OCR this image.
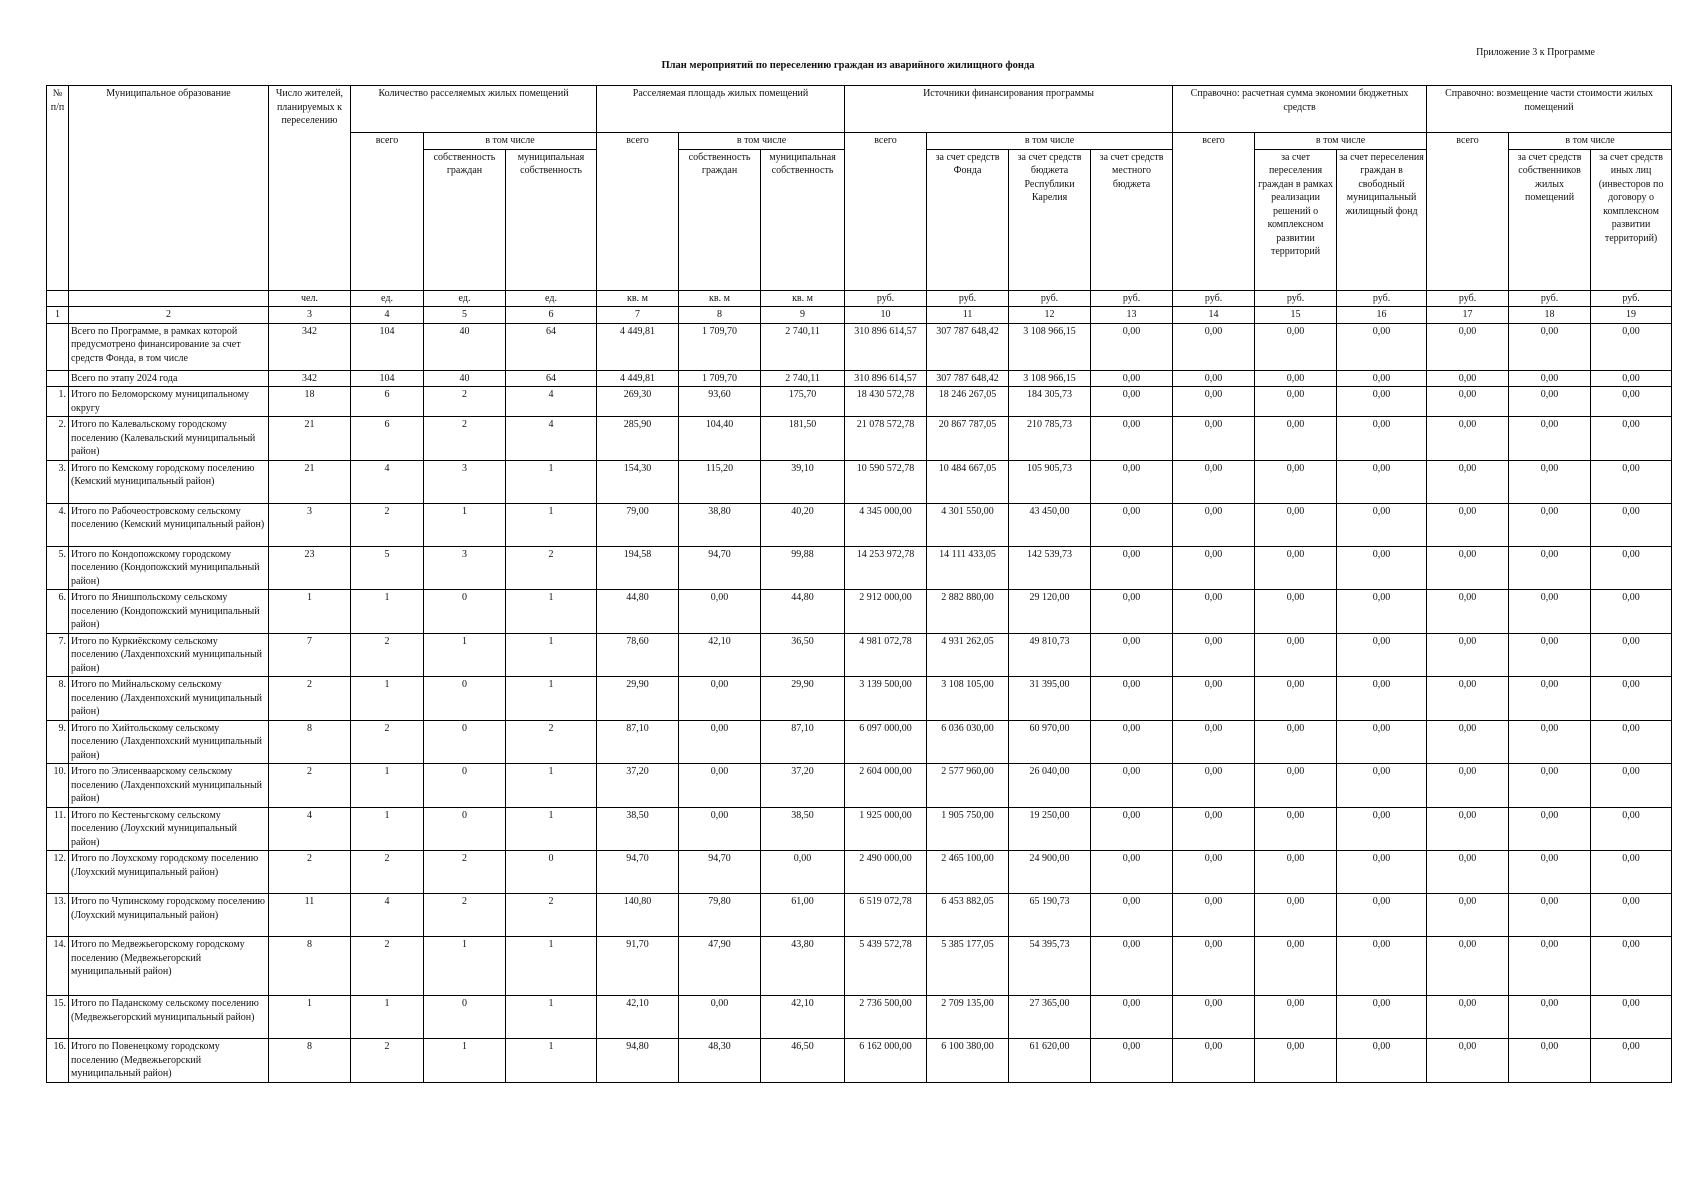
Приложение 3 к Программе
План мероприятий по переселению граждан из аварийного жилищного фонда
№ п/п	Муниципальное образование	Число жителей, планируемых к переселению	Количество расселяемых жилых помещений			Расселяемая площадь жилых помещений			Источники финансирования программы				Справочно: расчетная сумма экономии бюджетных средств			Справочно: возмещение части стоимости жилых помещений		
			всего	в том числе		всего	в том числе		всего	в том числе			всего	в том числе		всего	в том числе	
				собственность граждан	муниципальная собственность		собственность граждан	муниципальная собственность		за счет средств Фонда	за счет средств бюджета Республики Карелия	за счет средств местного бюджета		за счет переселения граждан в рамках реализации решений о комплексном развитии территорий	за счет переселения граждан в свободный муниципальный жилищный фонд		за счет средств собственников жилых помещений	за счет средств иных лиц (инвесторов по договору о комплексном развитии территорий)
		чел.	ед.	ед.	ед.	кв. м	кв. м	кв. м	руб.	руб.	руб.	руб.	руб.	руб.	руб.	руб.	руб.	руб.
1	2	3	4	5	6	7	8	9	10	11	12	13	14	15	16	17	18	19
	Всего по Программе, в рамках которой предусмотрено финансирование за счет средств Фонда, в том числе	342	104	40	64	4 449,81	1 709,70	2 740,11	310 896 614,57	307 787 648,42	3 108 966,15	0,00	0,00	0,00	0,00	0,00	0,00	0,00
	Всего по этапу 2024 года	342	104	40	64	4 449,81	1 709,70	2 740,11	310 896 614,57	307 787 648,42	3 108 966,15	0,00	0,00	0,00	0,00	0,00	0,00	0,00
1.	Итого по Беломорскому муниципальному округу	18	6	2	4	269,30	93,60	175,70	18 430 572,78	18 246 267,05	184 305,73	0,00	0,00	0,00	0,00	0,00	0,00	0,00
2.	Итого по Калевальскому городскому поселению (Калевальский муниципальный район)	21	6	2	4	285,90	104,40	181,50	21 078 572,78	20 867 787,05	210 785,73	0,00	0,00	0,00	0,00	0,00	0,00	0,00
3.	Итого по Кемскому городскому поселению (Кемский муниципальный район)	21	4	3	1	154,30	115,20	39,10	10 590 572,78	10 484 667,05	105 905,73	0,00	0,00	0,00	0,00	0,00	0,00	0,00
4.	Итого по Рабочеостровскому сельскому поселению (Кемский муниципальный район)	3	2	1	1	79,00	38,80	40,20	4 345 000,00	4 301 550,00	43 450,00	0,00	0,00	0,00	0,00	0,00	0,00	0,00
5.	Итого по Кондопожскому городскому поселению (Кондопожский муниципальный район)	23	5	3	2	194,58	94,70	99,88	14 253 972,78	14 111 433,05	142 539,73	0,00	0,00	0,00	0,00	0,00	0,00	0,00
6.	Итого по Янишпольскому сельскому поселению (Кондопожский муниципальный район)	1	1	0	1	44,80	0,00	44,80	2 912 000,00	2 882 880,00	29 120,00	0,00	0,00	0,00	0,00	0,00	0,00	0,00
7.	Итого по Куркиёкскому сельскому поселению (Лахденпохский муниципальный район)	7	2	1	1	78,60	42,10	36,50	4 981 072,78	4 931 262,05	49 810,73	0,00	0,00	0,00	0,00	0,00	0,00	0,00
8.	Итого по Мийнальскому сельскому поселению (Лахденпохский муниципальный район)	2	1	0	1	29,90	0,00	29,90	3 139 500,00	3 108 105,00	31 395,00	0,00	0,00	0,00	0,00	0,00	0,00	0,00
9.	Итого по Хийтольскому сельскому поселению (Лахденпохский муниципальный район)	8	2	0	2	87,10	0,00	87,10	6 097 000,00	6 036 030,00	60 970,00	0,00	0,00	0,00	0,00	0,00	0,00	0,00
10.	Итого по Элисенваарскому сельскому поселению (Лахденпохский муниципальный район)	2	1	0	1	37,20	0,00	37,20	2 604 000,00	2 577 960,00	26 040,00	0,00	0,00	0,00	0,00	0,00	0,00	0,00
11.	Итого по Кестеньгскому сельскому поселению (Лоухский муниципальный район)	4	1	0	1	38,50	0,00	38,50	1 925 000,00	1 905 750,00	19 250,00	0,00	0,00	0,00	0,00	0,00	0,00	0,00
12.	Итого по Лоухскому городскому поселению (Лоухский муниципальный район)	2	2	2	0	94,70	94,70	0,00	2 490 000,00	2 465 100,00	24 900,00	0,00	0,00	0,00	0,00	0,00	0,00	0,00
13.	Итого по Чупинскому городскому поселению (Лоухский муниципальный район)	11	4	2	2	140,80	79,80	61,00	6 519 072,78	6 453 882,05	65 190,73	0,00	0,00	0,00	0,00	0,00	0,00	0,00
14.	Итого по Медвежьегорскому городскому поселению (Медвежьегорский муниципальный район)	8	2	1	1	91,70	47,90	43,80	5 439 572,78	5 385 177,05	54 395,73	0,00	0,00	0,00	0,00	0,00	0,00	0,00
15.	Итого по Паданскому сельскому поселению (Медвежьегорский муниципальный район)	1	1	0	1	42,10	0,00	42,10	2 736 500,00	2 709 135,00	27 365,00	0,00	0,00	0,00	0,00	0,00	0,00	0,00
16.	Итого по Повенецкому городскому поселению (Медвежьегорский муниципальный район)	8	2	1	1	94,80	48,30	46,50	6 162 000,00	6 100 380,00	61 620,00	0,00	0,00	0,00	0,00	0,00	0,00	0,00
